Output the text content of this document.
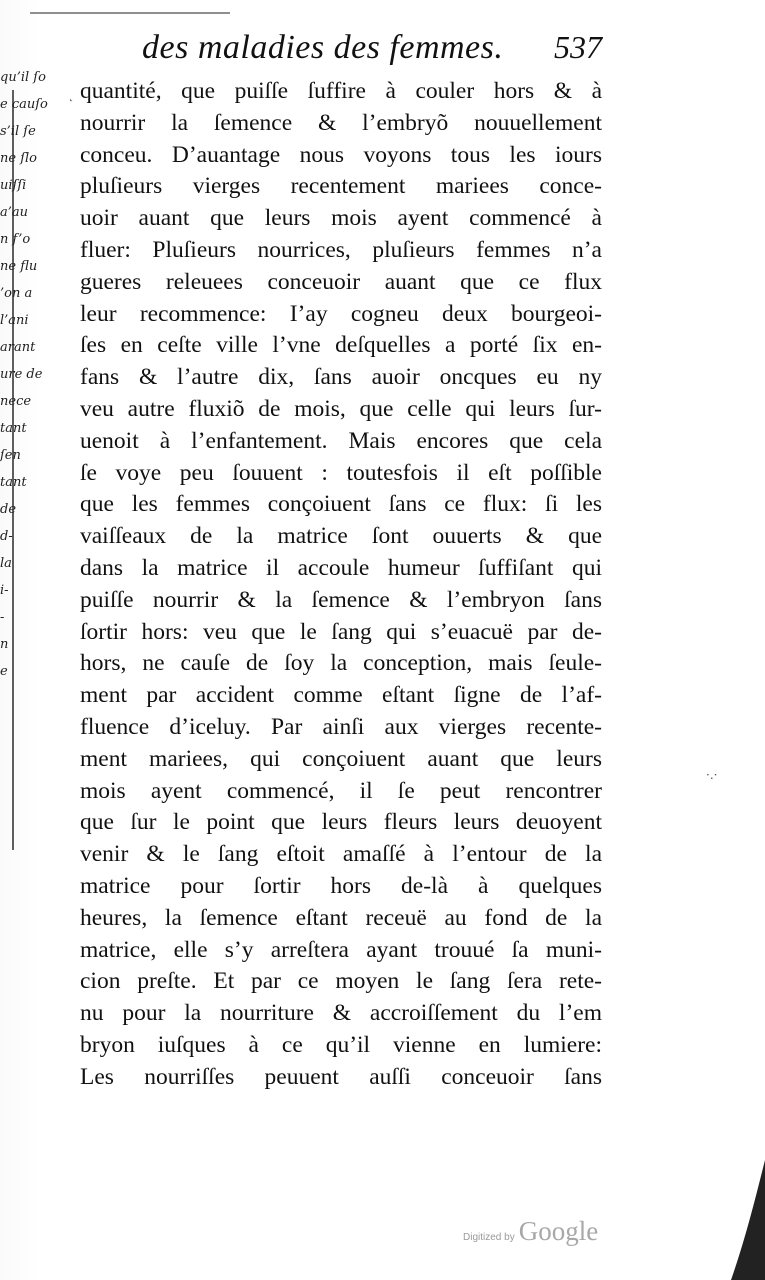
qu’il ſo
e cauſo
s’il ſe
ne ſlo
uiſſi
a’au
n f’o
ne flu
’on a
l’ani
arant
ure de
nece
tant
ſen
tant
de
d-
la
i-
-
n
e
des maladies des femmes. 537
quantité, que puiſſe ſuffire à couler hors & à
nourrir la ſemence & l’embryõ nouuellement
conceu. D’auantage nous voyons tous les iours
pluſieurs vierges recentement mariees conce-
uoir auant que leurs mois ayent commencé à
fluer: Pluſieurs nourrices, pluſieurs femmes n’a
gueres releuees conceuoir auant que ce flux
leur recommence: I’ay cogneu deux bourgeoi-
ſes en ceſte ville l’vne deſquelles a porté ſix en-
fans & l’autre dix, ſans auoir oncques eu ny
veu autre fluxiõ de mois, que celle qui leurs ſur-
uenoit à l’enfantement. Mais encores que cela
ſe voye peu ſouuent : toutesfois il eſt poſſible
que les femmes conçoiuent ſans ce flux: ſi les
vaiſſeaux de la matrice ſont ouuerts & que
dans la matrice il accoule humeur ſuffiſant qui
puiſſe nourrir & la ſemence & l’embryon ſans
ſortir hors: veu que le ſang qui s’euacuë par de-
hors, ne cauſe de ſoy la conception, mais ſeule-
ment par accident comme eſtant ſigne de l’af-
fluence d’iceluy. Par ainſi aux vierges recente-
ment mariees, qui conçoiuent auant que leurs
mois ayent commencé, il ſe peut rencontrer
que ſur le point que leurs fleurs leurs deuoyent
venir & le ſang eſtoit amaſſé à l’entour de la
matrice pour ſortir hors de-là à quelques
heures, la ſemence eſtant receuë au fond de la
matrice, elle s’y arreſtera ayant trouué ſa muni-
cion preſte. Et par ce moyen le ſang ſera rete-
nu pour la nourriture & accroiſſement du l’em
bryon iuſques à ce qu’il vienne en lumiere:
Les nourriſſes peuuent auſſi conceuoir ſans
˛
·.·
Digitized by Google
